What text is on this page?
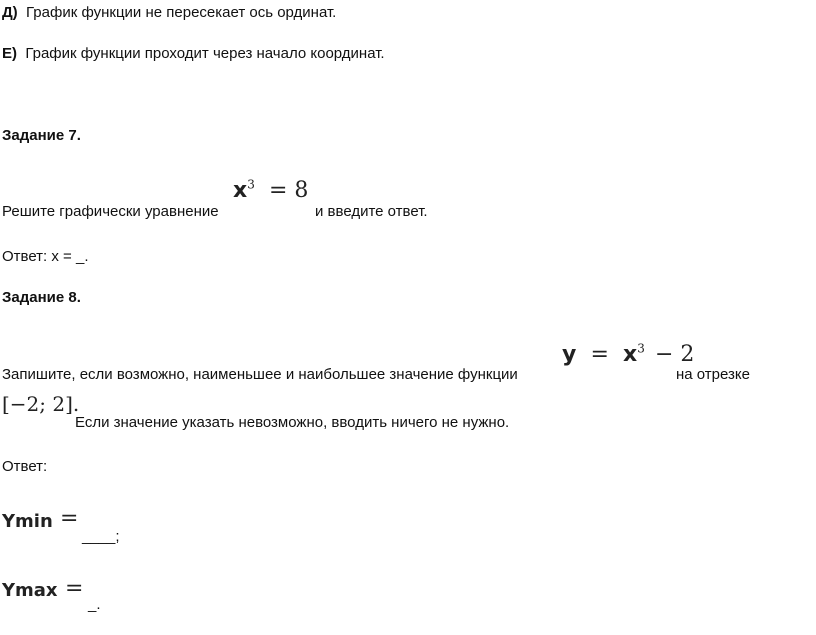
Д) График функции не пересекает ось ординат.
Е) График функции проходит через начало координат.
Задание 7.
Решите графически уравнение
$x^3 = 8$
и введите ответ.
Ответ: x = _.
Задание 8.
Запишите, если возможно, наименьшее и наибольшее значение функции
$y = x^3 - 2$
на отрезке
[−2; 2].
Если значение указать невозможно, вводить ничего не нужно.
Ответ:
Ymin =
____;
Ymax =
_.
